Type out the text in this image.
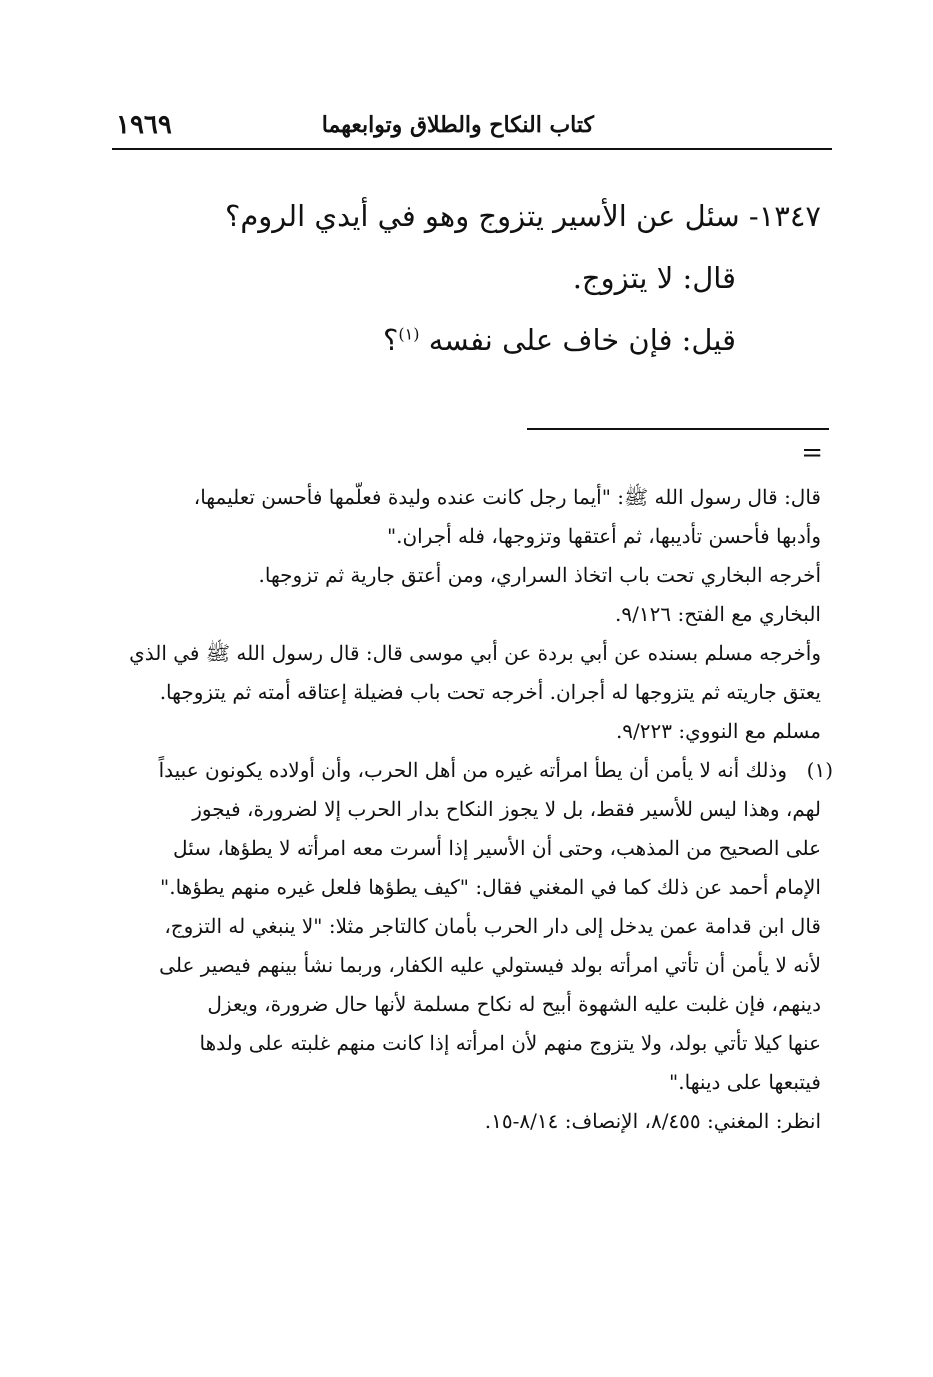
كتاب النكاح والطلاق وتوابعهما
١٩٦٩
١٣٤٧- سئل عن الأسير يتزوج وهو في أيدي الروم؟
قال: لا يتزوج.
قيل: فإن خاف على نفسه $^{(١)}$؟
=
قال: قال رسول الله ﷺ: "أيما رجل كانت عنده وليدة فعلّمها فأحسن تعليمها،
وأدبها فأحسن تأديبها، ثم أعتقها وتزوجها، فله أجران."
أخرجه البخاري تحت باب اتخاذ السراري، ومن أعتق جارية ثم تزوجها.
البخاري مع الفتح: ٩/١٢٦.
وأخرجه مسلم بسنده عن أبي بردة عن أبي موسى قال: قال رسول الله ﷺ في الذي
يعتق جاريته ثم يتزوجها له أجران. أخرجه تحت باب فضيلة إعتاقه أمته ثم يتزوجها.
مسلم مع النووي: ٩/٢٢٣.
(١)
وذلك أنه لا يأمن أن يطأ امرأته غيره من أهل الحرب، وأن أولاده يكونون عبيداً
لهم، وهذا ليس للأسير فقط، بل لا يجوز النكاح بدار الحرب إلا لضرورة، فيجوز
على الصحيح من المذهب، وحتى أن الأسير إذا أسرت معه امرأته لا يطؤها، سئل
الإمام أحمد عن ذلك كما في المغني فقال: "كيف يطؤها فلعل غيره منهم يطؤها."
قال ابن قدامة عمن يدخل إلى دار الحرب بأمان كالتاجر مثلا: "لا ينبغي له التزوج،
لأنه لا يأمن أن تأتي امرأته بولد فيستولي عليه الكفار، وربما نشأ بينهم فيصير على
دينهم، فإن غلبت عليه الشهوة أبيح له نكاح مسلمة لأنها حال ضرورة، ويعزل
عنها كيلا تأتي بولد، ولا يتزوج منهم لأن امرأته إذا كانت منهم غلبته على ولدها
فيتبعها على دينها."
انظر: المغني: ٨/٤٥٥، الإنصاف: ٨/١٤-١٥.
